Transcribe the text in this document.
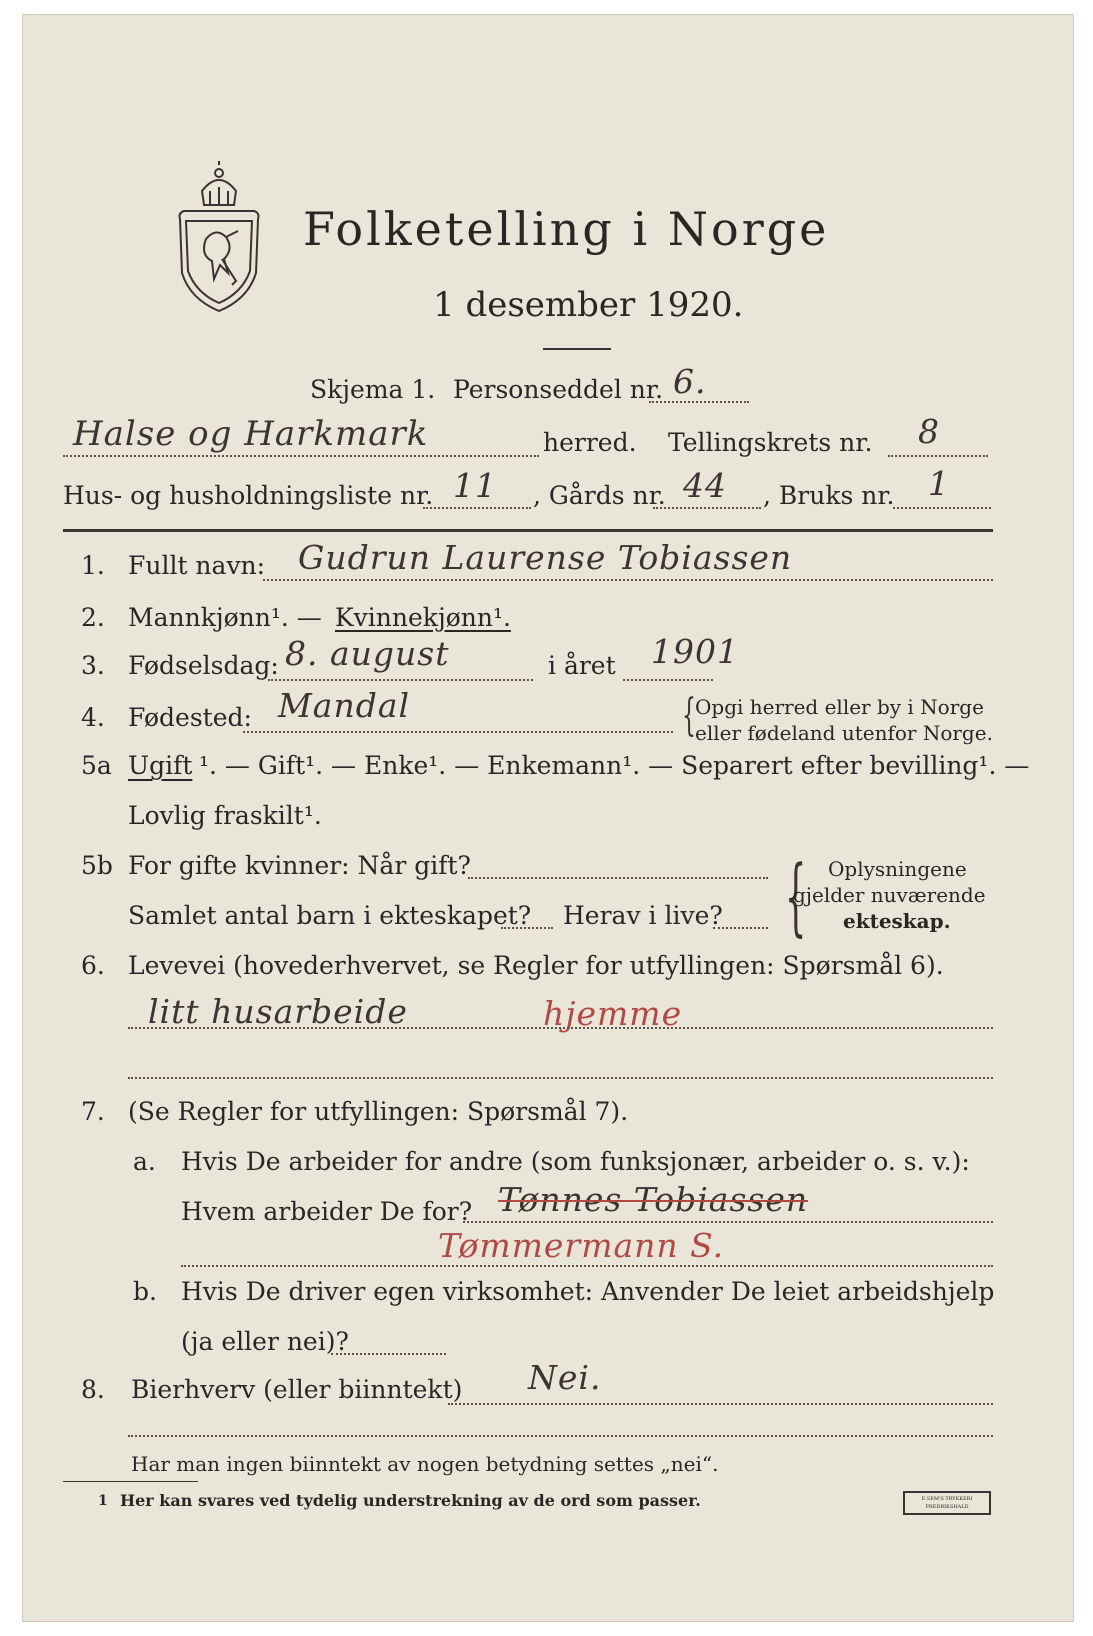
Folketelling i Norge
1 desember 1920.
Skjema 1. Personseddel nr. 6.
Halse og Harkmark	herred. Tellingskrets nr. 8
Hus- og husholdningsliste nr. 11 , Gårds nr. 44 , Bruks nr. 1
1. Fullt navn: Gudrun Laurense Tobiassen
2. Mannkjønn¹. — Kvinnekjønn¹.
3. Fødselsdag: 8. august	i året 1901
4. Fødested: Mandal	{ Opgi herred eller by i Norge
eller fødeland utenfor Norge.
5a Ugift ¹. — Gift¹. — Enke¹. — Enkemann¹. — Separert efter bevilling¹. —
Lovlig fraskilt¹.
5b For gifte kvinner: Når gift?
Samlet antal barn i ekteskapet? Herav i live? { Oplysningene
gjelder nuværende
ekteskap.
6. Levevei (hovederhvervet, se Regler for utfyllingen: Spørsmål 6).
litt husarbeide	hjemme
7. (Se Regler for utfyllingen: Spørsmål 7).
a. Hvis De arbeider for andre (som funksjonær, arbeider o. s. v.):
Hvem arbeider De for? Tønnes Tobiassen
Tømmermann S.
b. Hvis De driver egen virksomhet: Anvender De leiet arbeidshjelp
(ja eller nei)?
8. Bierhverv (eller biinntekt) Nei.
Har man ingen biinntekt av nogen betydning settes „nei“.
1 Her kan svares ved tydelig understrekning av de ord som passer.	E.SEM'S TRYKKERI FREDRIKSHALD
